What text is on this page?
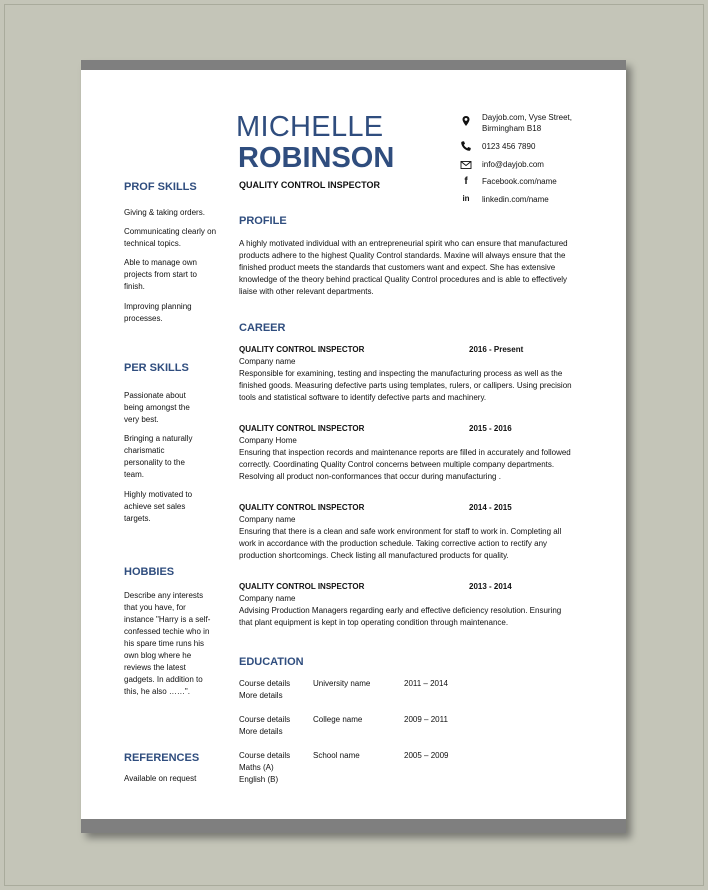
MICHELLE
ROBINSON
QUALITY CONTROL INSPECTOR
Dayjob.com, Vyse Street,
Birmingham B18
0123 456 7890
info@dayjob.com
f	Facebook.com/name
in	linkedin.com/name
PROF SKILLS
Giving & taking orders.
Communicating clearly on technical topics.
Able to manage own projects from start to finish.
Improving planning processes.
PER SKILLS
Passionate about being amongst the very best.
Bringing a naturally charismatic personality to the team.
Highly motivated to achieve set sales targets.
HOBBIES
Describe any interests that you have, for instance "Harry is a self-confessed techie who in his spare time runs his own blog where he reviews the latest gadgets. In addition to this, he also ……".
REFERENCES
Available on request
PROFILE
A highly motivated individual with an entrepreneurial spirit who can ensure that manufactured products adhere to the highest Quality Control standards. Maxine will always ensure that the finished product meets the standards that customers want and expect. She has extensive knowledge of the theory behind practical Quality Control procedures and is able to effectively liaise with other relevant departments.
CAREER
QUALITY CONTROL INSPECTOR	2016 - Present
Company name
Responsible for examining, testing and inspecting the manufacturing process as well as the finished goods. Measuring defective parts using templates, rulers, or callipers. Using precision tools and statistical software to identify defective parts and machinery.
QUALITY CONTROL INSPECTOR	2015 - 2016
Company Home
Ensuring that inspection records and maintenance reports are filled in accurately and followed correctly. Coordinating Quality Control concerns between multiple company departments. Resolving all product non-conformances that occur during manufacturing .
QUALITY CONTROL INSPECTOR	2014 - 2015
Company name
Ensuring that there is a clean and safe work environment for staff to work in. Completing all work in accordance with the production schedule. Taking corrective action to rectify any production shortcomings. Check listing all manufactured products for quality.
QUALITY CONTROL INSPECTOR	2013 - 2014
Company name
Advising Production Managers regarding early and effective deficiency resolution. Ensuring that plant equipment is kept in top operating condition through maintenance.
EDUCATION
Course details	University name	2011 – 2014
More details
Course details	College name	2009 – 2011
More details
Course details	School name	2005 – 2009
Maths (A)
English (B)
